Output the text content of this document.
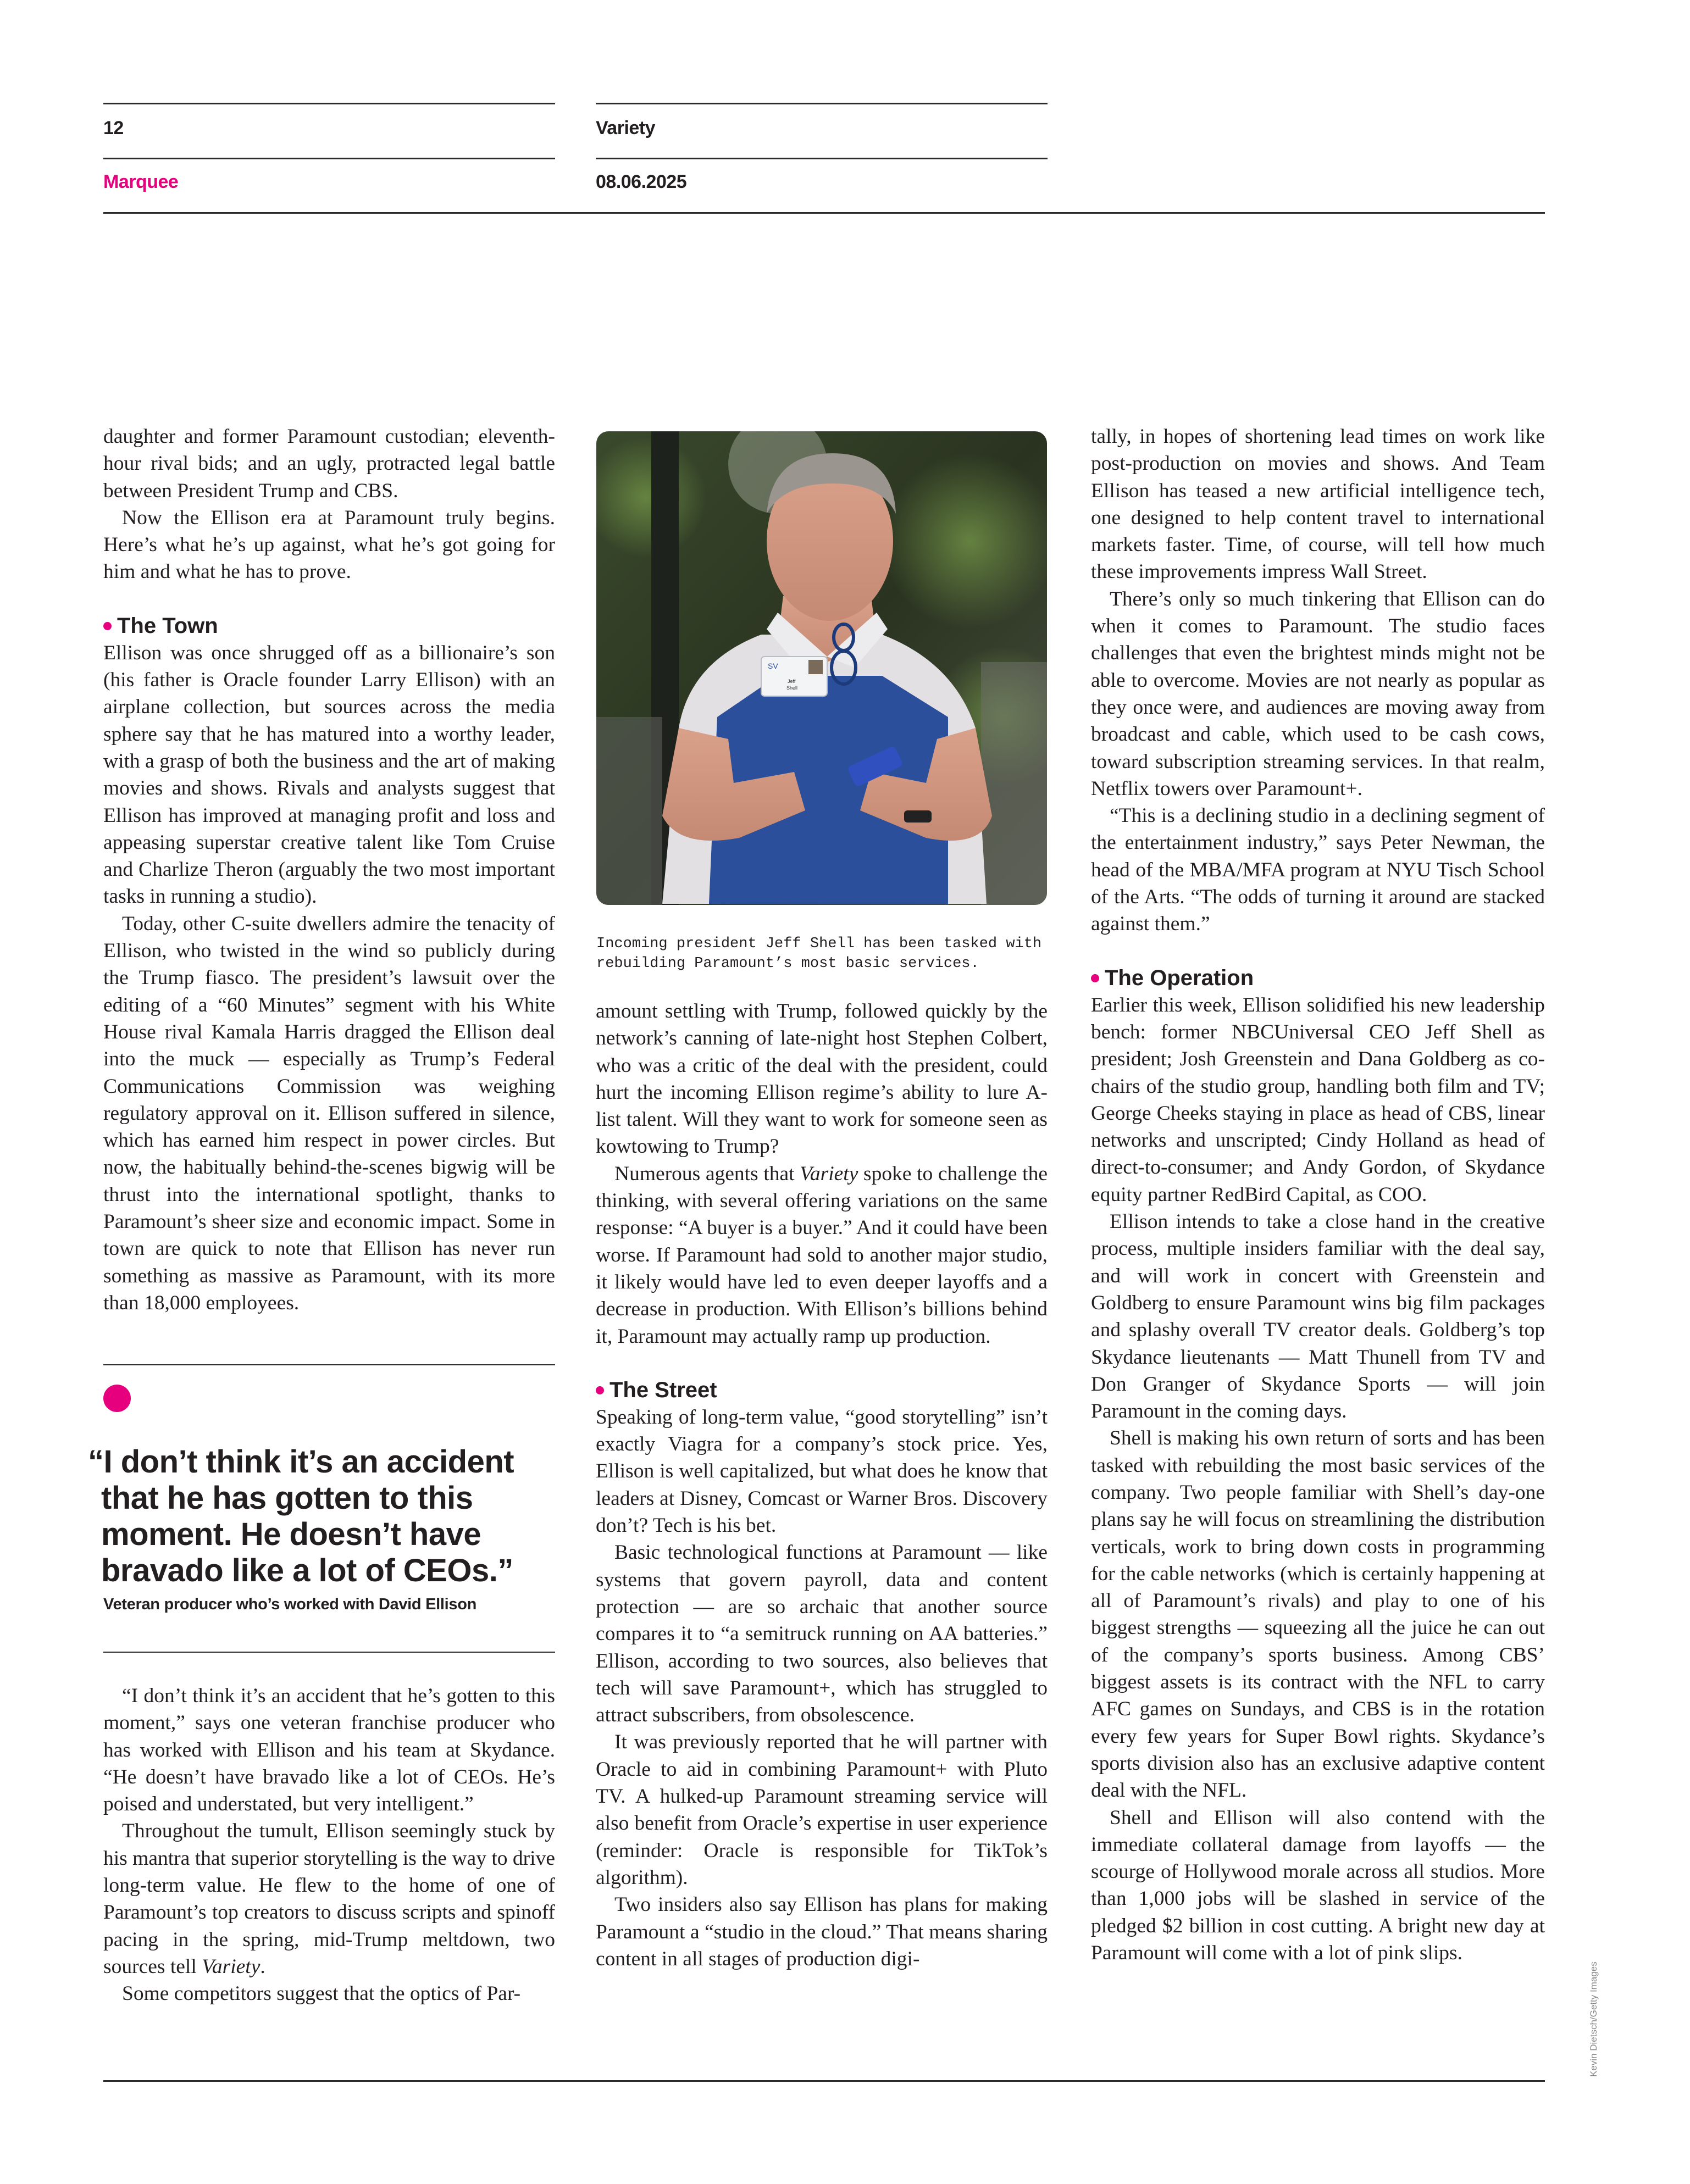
12	Variety
Marquee	08.06.2025

daughter and former Paramount custodian; eleventh-hour rival bids; and an ugly, protracted legal battle between President Trump and CBS.

Now the Ellison era at Paramount truly begins. Here’s what he’s up against, what he’s got going for him and what he has to prove.

The Town

Ellison was once shrugged off as a billionaire’s son (his father is Oracle founder Larry Ellison) with an airplane collection, but sources across the media sphere say that he has matured into a worthy leader, with a grasp of both the business and the art of making movies and shows. Rivals and analysts suggest that Ellison has improved at managing profit and loss and appeasing superstar creative talent like Tom Cruise and Charlize Theron (arguably the two most important tasks in running a studio).

Today, other C-suite dwellers admire the tenacity of Ellison, who twisted in the wind so publicly during the Trump fiasco. The president’s lawsuit over the editing of a “60 Minutes” segment with his White House rival Kamala Harris dragged the Ellison deal into the muck — especially as Trump’s Federal Communications Commission was weighing regulatory approval on it. Ellison suffered in silence, which has earned him respect in power circles. But now, the habitually behind-the-scenes bigwig will be thrust into the international spotlight, thanks to Paramount’s sheer size and economic impact. Some in town are quick to note that Ellison has never run something as massive as Paramount, with its more than 18,000 employees.

“I don’t think it’s an accident
that he has gotten to this
moment. He doesn’t have
bravado like a lot of CEOs.”
Veteran producer who’s worked with David Ellison

“I don’t think it’s an accident that he’s gotten to this moment,” says one veteran franchise producer who has worked with Ellison and his team at Skydance. “He doesn’t have bravado like a lot of CEOs. He’s poised and understated, but very intelligent.”

Throughout the tumult, Ellison seemingly stuck by his mantra that superior storytelling is the way to drive long-term value. He flew to the home of one of Paramount’s top creators to discuss scripts and spinoff pacing in the spring, mid-Trump meltdown, two sources tell Variety.

Some competitors suggest that the optics of Par-

SV
Jeff
Shell
Incoming president Jeff Shell has been tasked with rebuilding Paramount’s most basic services.

amount settling with Trump, followed quickly by the network’s canning of late-night host Stephen Colbert, who was a critic of the deal with the president, could hurt the incoming Ellison regime’s ability to lure A-list talent. Will they want to work for someone seen as kowtowing to Trump?

Numerous agents that Variety spoke to challenge the thinking, with several offering variations on the same response: “A buyer is a buyer.” And it could have been worse. If Paramount had sold to another major studio, it likely would have led to even deeper layoffs and a decrease in production. With Ellison’s billions behind it, Paramount may actually ramp up production.

The Street

Speaking of long-term value, “good storytelling” isn’t exactly Viagra for a company’s stock price. Yes, Ellison is well capitalized, but what does he know that leaders at Disney, Comcast or Warner Bros. Discovery don’t? Tech is his bet.

Basic technological functions at Paramount — like systems that govern payroll, data and content protection — are so archaic that another source compares it to “a semitruck running on AA batteries.” Ellison, according to two sources, also believes that tech will save Paramount+, which has struggled to attract subscribers, from obsolescence.

It was previously reported that he will partner with Oracle to aid in combining Paramount+ with Pluto TV. A hulked-up Paramount streaming service will also benefit from Oracle’s expertise in user experience (reminder: Oracle is responsible for TikTok’s algorithm).

Two insiders also say Ellison has plans for making Paramount a “studio in the cloud.” That means sharing content in all stages of production digi-

tally, in hopes of shortening lead times on work like post-production on movies and shows. And Team Ellison has teased a new artificial intelligence tech, one designed to help content travel to international markets faster. Time, of course, will tell how much these improvements impress Wall Street.

There’s only so much tinkering that Ellison can do when it comes to Paramount. The studio faces challenges that even the brightest minds might not be able to overcome. Movies are not nearly as popular as they once were, and audiences are moving away from broadcast and cable, which used to be cash cows, toward subscription streaming services. In that realm, Netflix towers over Paramount+.

“This is a declining studio in a declining segment of the entertainment industry,” says Peter Newman, the head of the MBA/MFA program at NYU Tisch School of the Arts. “The odds of turning it around are stacked against them.”

The Operation

Earlier this week, Ellison solidified his new leadership bench: former NBCUniversal CEO Jeff Shell as president; Josh Greenstein and Dana Goldberg as co-chairs of the studio group, handling both film and TV; George Cheeks staying in place as head of CBS, linear networks and unscripted; Cindy Holland as head of direct-to-consumer; and Andy Gordon, of Skydance equity partner RedBird Capital, as COO.

Ellison intends to take a close hand in the creative process, multiple insiders familiar with the deal say, and will work in concert with Greenstein and Goldberg to ensure Paramount wins big film packages and splashy overall TV creator deals. Goldberg’s top Skydance lieutenants — Matt Thunell from TV and Don Granger of Skydance Sports — will join Paramount in the coming days.

Shell is making his own return of sorts and has been tasked with rebuilding the most basic services of the company. Two people familiar with Shell’s day-one plans say he will focus on streamlining the distribution verticals, work to bring down costs in programming for the cable networks (which is certainly happening at all of Paramount’s rivals) and play to one of his biggest strengths — squeezing all the juice he can out of the company’s sports business. Among CBS’ biggest assets is its contract with the NFL to carry AFC games on Sundays, and CBS is in the rotation every few years for Super Bowl rights. Skydance’s sports division also has an exclusive adaptive content deal with the NFL.

Shell and Ellison will also contend with the immediate collateral damage from layoffs — the scourge of Hollywood morale across all studios. More than 1,000 jobs will be slashed in service of the pledged $2 billion in cost cutting. A bright new day at Paramount will come with a lot of pink slips.

Kevin Dietsch/Getty Images
